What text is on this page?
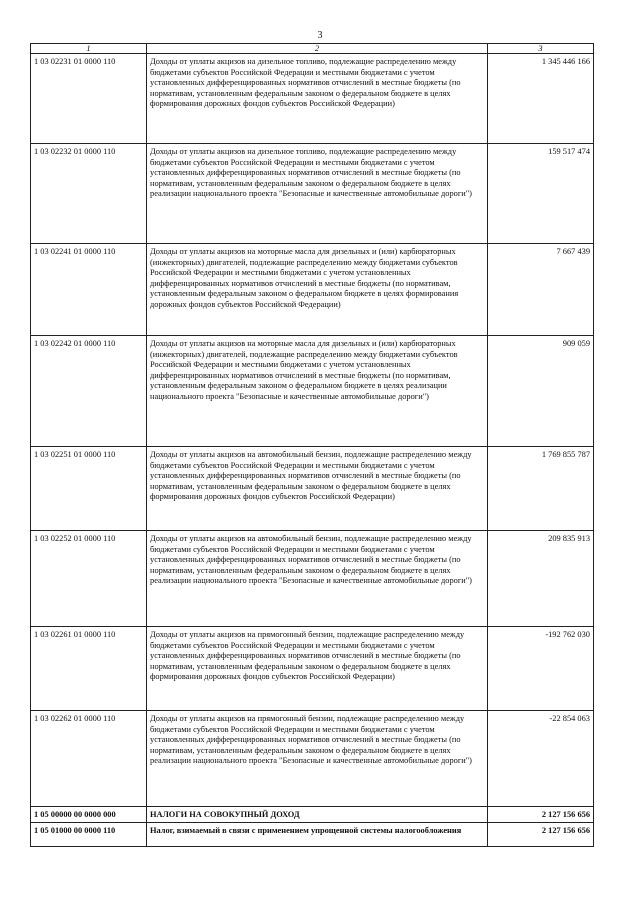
3
1	2	3
1 03 02231 01 0000 110	Доходы от уплаты акцизов на дизельное топливо, подлежащие распределению между бюджетами субъектов Российской Федерации и местными бюджетами с учетом установленных дифференцированных нормативов отчислений в местные бюджеты (по нормативам, установленным федеральным законом о федеральном бюджете в целях формирования дорожных фондов субъектов Российской Федерации)	1 345 446 166
1 03 02232 01 0000 110	Доходы от уплаты акцизов на дизельное топливо, подлежащие распределению между бюджетами субъектов Российской Федерации и местными бюджетами с учетом установленных дифференцированных нормативов отчислений в местные бюджеты (по нормативам, установленным федеральным законом о федеральном бюджете в целях реализации национального проекта "Безопасные и качественные автомобильные дороги")	159 517 474
1 03 02241 01 0000 110	Доходы от уплаты акцизов на моторные масла для дизельных и (или) карбюраторных (инжекторных) двигателей, подлежащие распределению между бюджетами субъектов Российской Федерации и местными бюджетами с учетом установленных дифференцированных нормативов отчислений в местные бюджеты (по нормативам, установленным федеральным законом о федеральном бюджете в целях формирования дорожных фондов субъектов Российской Федерации)	7 667 439
1 03 02242 01 0000 110	Доходы от уплаты акцизов на моторные масла для дизельных и (или) карбюраторных (инжекторных) двигателей, подлежащие распределению между бюджетами субъектов Российской Федерации и местными бюджетами с учетом установленных дифференцированных нормативов отчислений в местные бюджеты (по нормативам, установленным федеральным законом о федеральном бюджете в целях реализации национального проекта "Безопасные и качественные автомобильные дороги")	909 059
1 03 02251 01 0000 110	Доходы от уплаты акцизов на автомобильный бензин, подлежащие распределению между бюджетами субъектов Российской Федерации и местными бюджетами с учетом установленных дифференцированных нормативов отчислений в местные бюджеты (по нормативам, установленным федеральным законом о федеральном бюджете в целях формирования дорожных фондов субъектов Российской Федерации)	1 769 855 787
1 03 02252 01 0000 110	Доходы от уплаты акцизов на автомобильный бензин, подлежащие распределению между бюджетами субъектов Российской Федерации и местными бюджетами с учетом установленных дифференцированных нормативов отчислений в местные бюджеты (по нормативам, установленным федеральным законом о федеральном бюджете в целях реализации национального проекта "Безопасные и качественные автомобильные дороги")	209 835 913
1 03 02261 01 0000 110	Доходы от уплаты акцизов на прямогонный бензин, подлежащие распределению между бюджетами субъектов Российской Федерации и местными бюджетами с учетом установленных дифференцированных нормативов отчислений в местные бюджеты (по нормативам, установленным федеральным законом о федеральном бюджете в целях формирования дорожных фондов субъектов Российской Федерации)	-192 762 030
1 03 02262 01 0000 110	Доходы от уплаты акцизов на прямогонный бензин, подлежащие распределению между бюджетами субъектов Российской Федерации и местными бюджетами с учетом установленных дифференцированных нормативов отчислений в местные бюджеты (по нормативам, установленным федеральным законом о федеральном бюджете в целях реализации национального проекта "Безопасные и качественные автомобильные дороги")	-22 854 063
1 05 00000 00 0000 000	НАЛОГИ НА СОВОКУПНЫЙ ДОХОД	2 127 156 656
1 05 01000 00 0000 110	Налог, взимаемый в связи с применением упрощенной системы налогообложения	2 127 156 656
